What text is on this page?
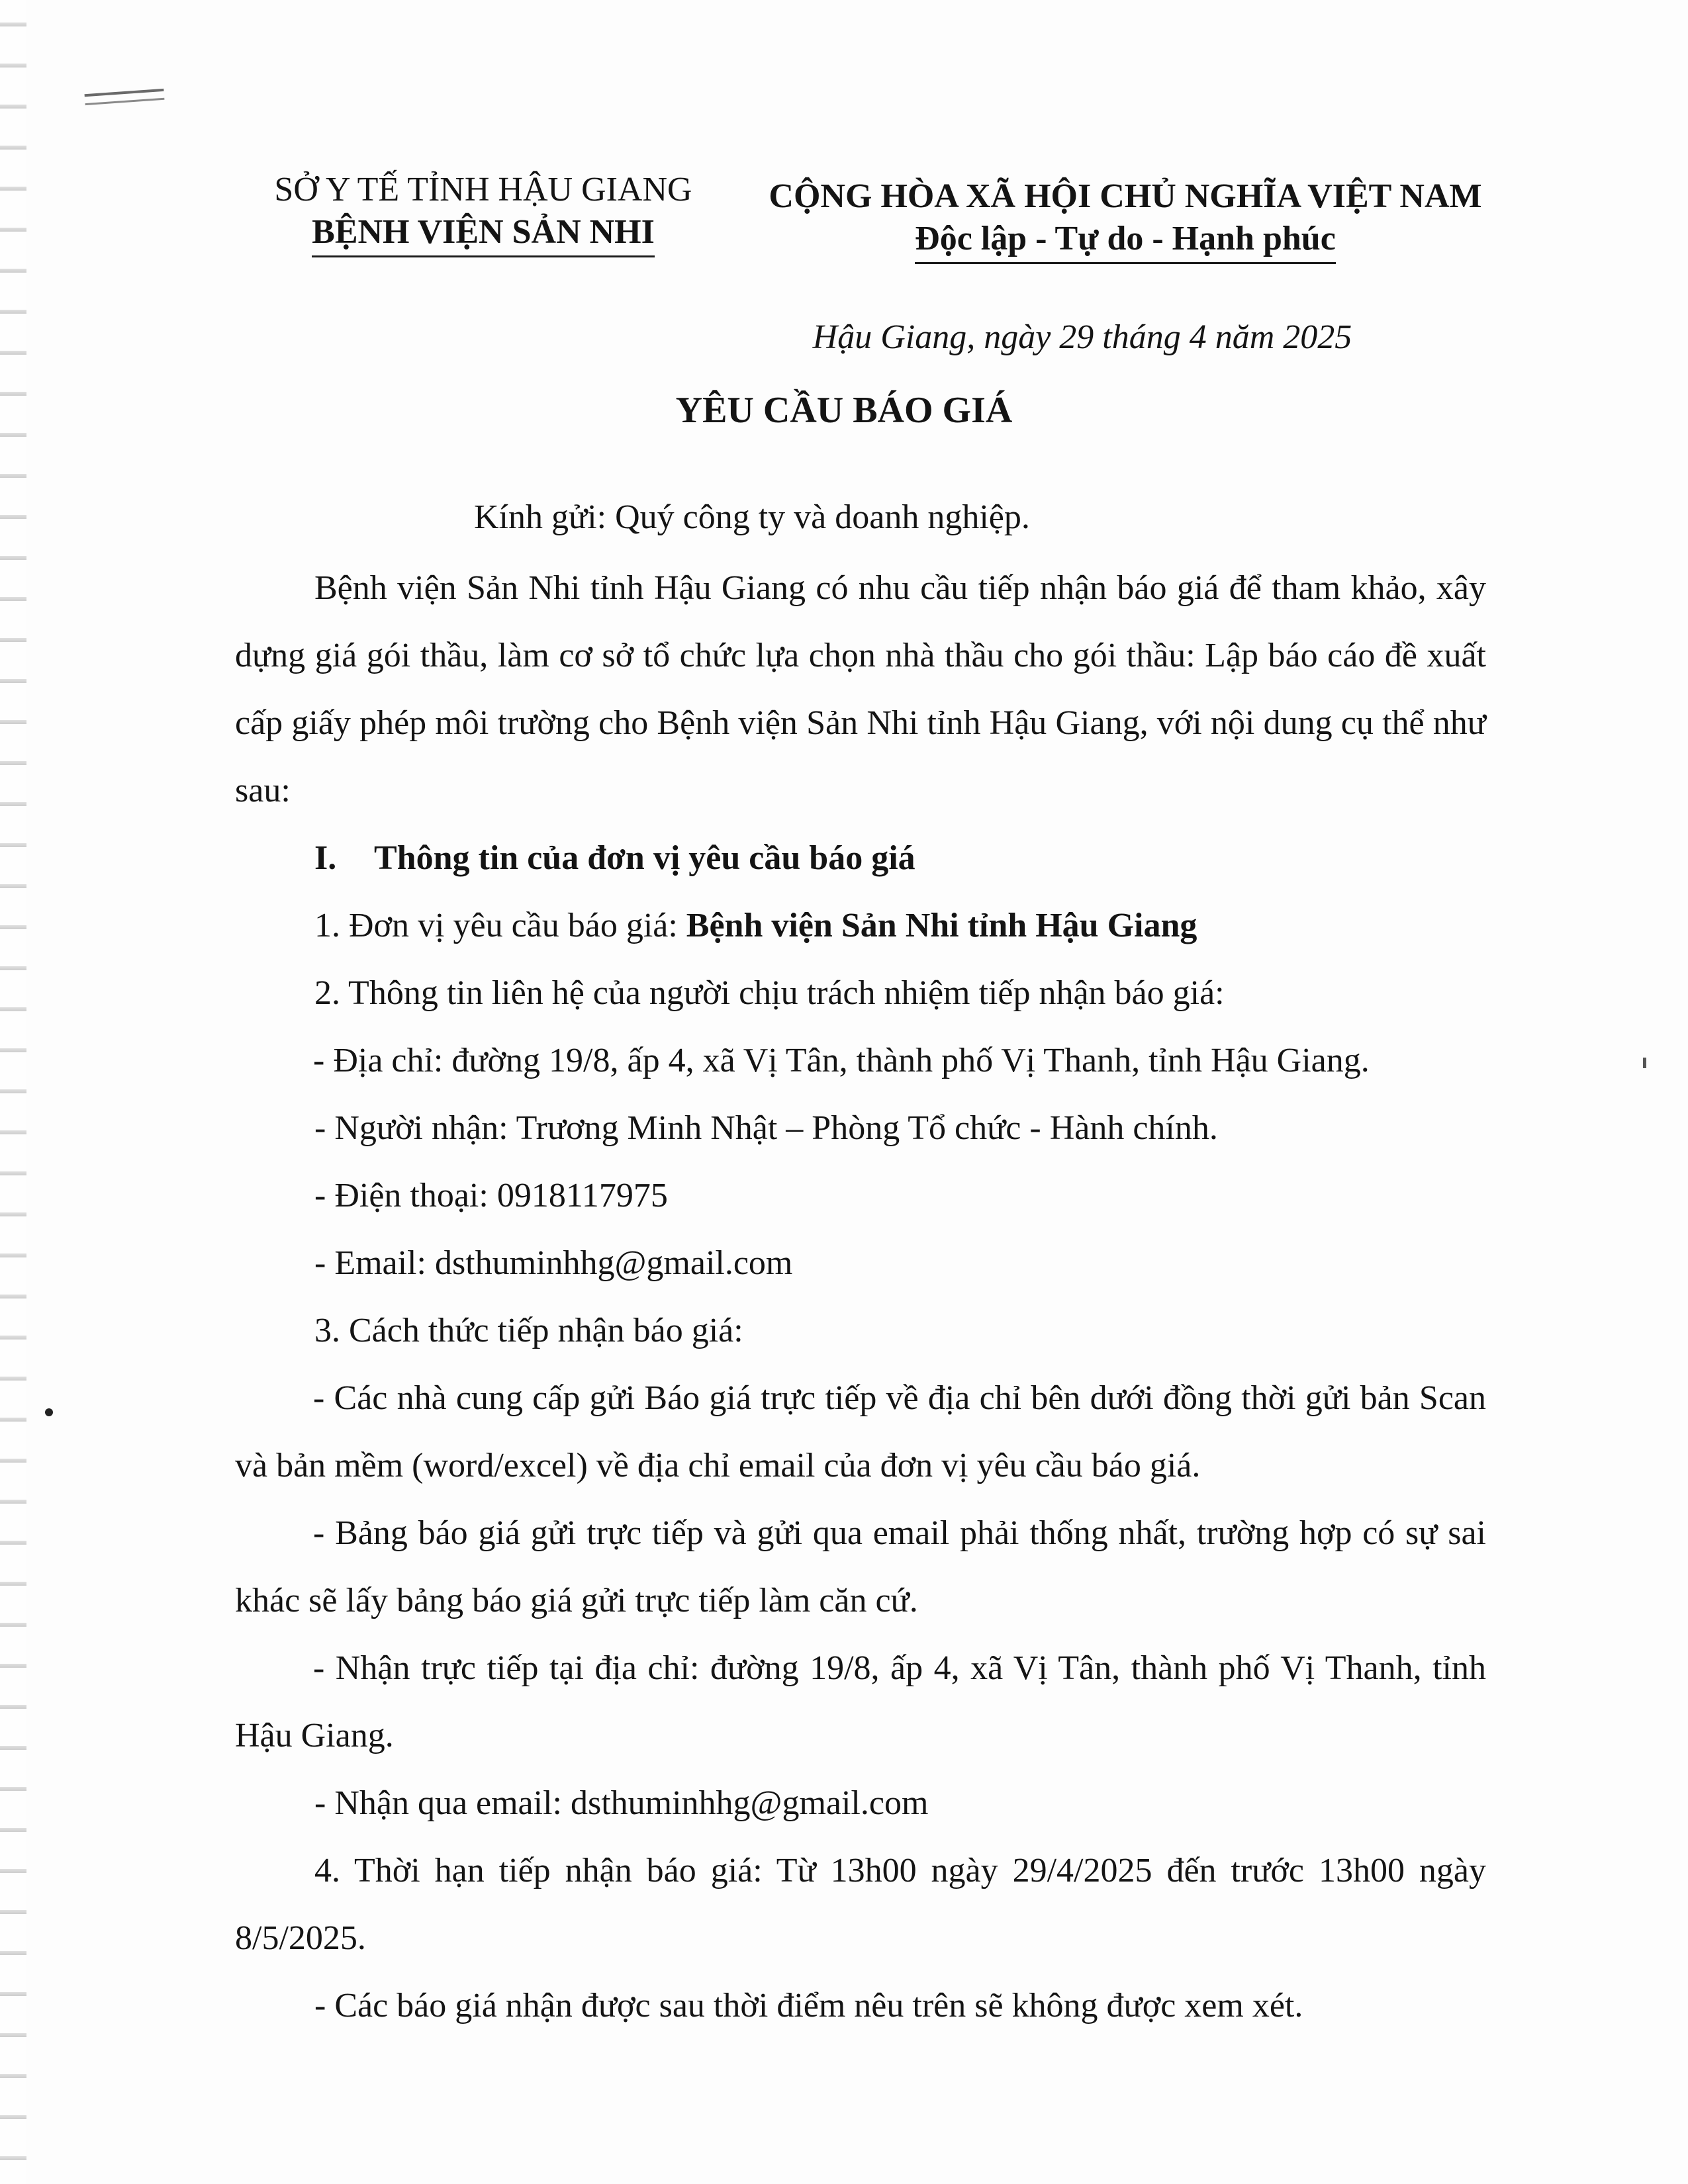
SỞ Y TẾ TỈNH HẬU GIANG
BỆNH VIỆN SẢN NHI
CỘNG HÒA XÃ HỘI CHỦ NGHĨA VIỆT NAM
Độc lập - Tự do - Hạnh phúc
Hậu Giang, ngày 29 tháng 4 năm 2025
YÊU CẦU BÁO GIÁ
Kính gửi: Quý công ty và doanh nghiệp.

Bệnh viện Sản Nhi tỉnh Hậu Giang có nhu cầu tiếp nhận báo giá để tham khảo, xây dựng giá gói thầu, làm cơ sở tổ chức lựa chọn nhà thầu cho gói thầu: Lập báo cáo đề xuất cấp giấy phép môi trường cho Bệnh viện Sản Nhi tỉnh Hậu Giang, với nội dung cụ thể như sau:

I. Thông tin của đơn vị yêu cầu báo giá

1. Đơn vị yêu cầu báo giá: Bệnh viện Sản Nhi tỉnh Hậu Giang

2. Thông tin liên hệ của người chịu trách nhiệm tiếp nhận báo giá:

- Địa chỉ: đường 19/8, ấp 4, xã Vị Tân, thành phố Vị Thanh, tỉnh Hậu Giang.

- Người nhận: Trương Minh Nhật – Phòng Tổ chức - Hành chính.

- Điện thoại: 0918117975

- Email: dsthuminhhg@gmail.com

3. Cách thức tiếp nhận báo giá:

- Các nhà cung cấp gửi Báo giá trực tiếp về địa chỉ bên dưới đồng thời gửi bản Scan và bản mềm (word/excel) về địa chỉ email của đơn vị yêu cầu báo giá.

- Bảng báo giá gửi trực tiếp và gửi qua email phải thống nhất, trường hợp có sự sai khác sẽ lấy bảng báo giá gửi trực tiếp làm căn cứ.

- Nhận trực tiếp tại địa chỉ: đường 19/8, ấp 4, xã Vị Tân, thành phố Vị Thanh, tỉnh Hậu Giang.

- Nhận qua email: dsthuminhhg@gmail.com

4. Thời hạn tiếp nhận báo giá: Từ 13h00 ngày 29/4/2025 đến trước 13h00 ngày 8/5/2025.

- Các báo giá nhận được sau thời điểm nêu trên sẽ không được xem xét.
